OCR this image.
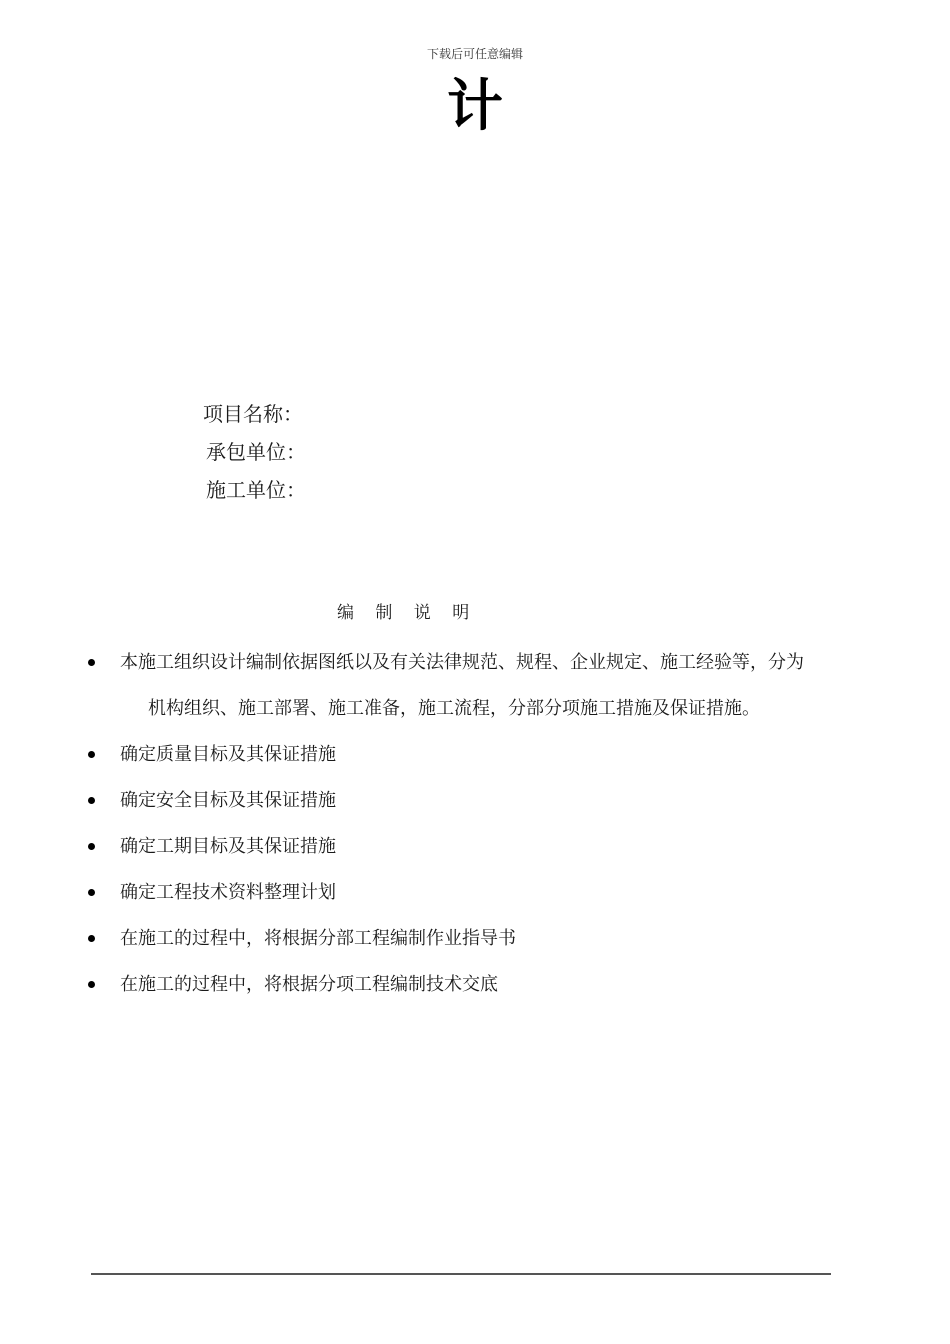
下载后可任意编辑
计
项目名称：
承包单位：
施工单位：
编 制 说 明
本施工组织设计编制依据图纸以及有关法律规范、规程、企业规定、施工经验等，分为
机构组织、施工部署、施工准备，施工流程，分部分项施工措施及保证措施。
确定质量目标及其保证措施
确定安全目标及其保证措施
确定工期目标及其保证措施
确定工程技术资料整理计划
在施工的过程中，将根据分部工程编制作业指导书
在施工的过程中，将根据分项工程编制技术交底
